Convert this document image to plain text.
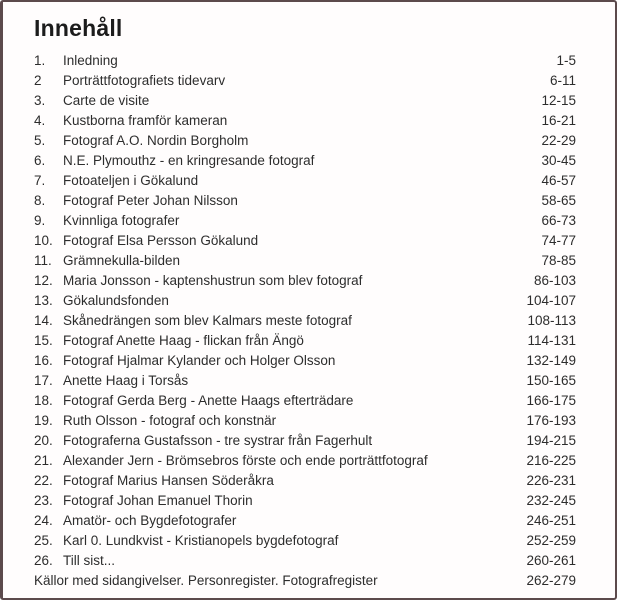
Innehåll
1.	Inledning	1-5
2	Porträttfotografiets tidevarv	6-11
3.	Carte de visite	12-15
4.	Kustborna framför kameran	16-21
5.	Fotograf A.O. Nordin Borgholm	22-29
6.	N.E. Plymouthz - en kringresande fotograf	30-45
7.	Fotoateljen i Gökalund	46-57
8.	Fotograf Peter Johan Nilsson	58-65
9.	Kvinnliga fotografer	66-73
10. Fotograf Elsa Persson Gökalund	74-77
11. Grämnekulla-bilden	78-85
12. Maria Jonsson - kaptenshustrun som blev fotograf	86-103
13. Gökalundsfonden	104-107
14. Skånedrängen som blev Kalmars meste fotograf	108-113
15. Fotograf Anette Haag - flickan från Ängö	114-131
16. Fotograf Hjalmar Kylander och Holger Olsson	132-149
17. Anette Haag i Torsås	150-165
18. Fotograf Gerda Berg - Anette Haags efterträdare	166-175
19. Ruth Olsson - fotograf och konstnär	176-193
20. Fotograferna Gustafsson - tre systrar från Fagerhult	194-215
21. Alexander Jern - Brömsebros förste och ende porträttfotograf	216-225
22. Fotograf Marius Hansen Söderåkra	226-231
23. Fotograf Johan Emanuel Thorin	232-245
24. Amatör- och Bygdefotografer	246-251
25. Karl 0. Lundkvist - Kristianopels bygdefotograf	252-259
26. Till sist...	260-261
Källor med sidangivelser. Personregister. Fotografregister	262-279
